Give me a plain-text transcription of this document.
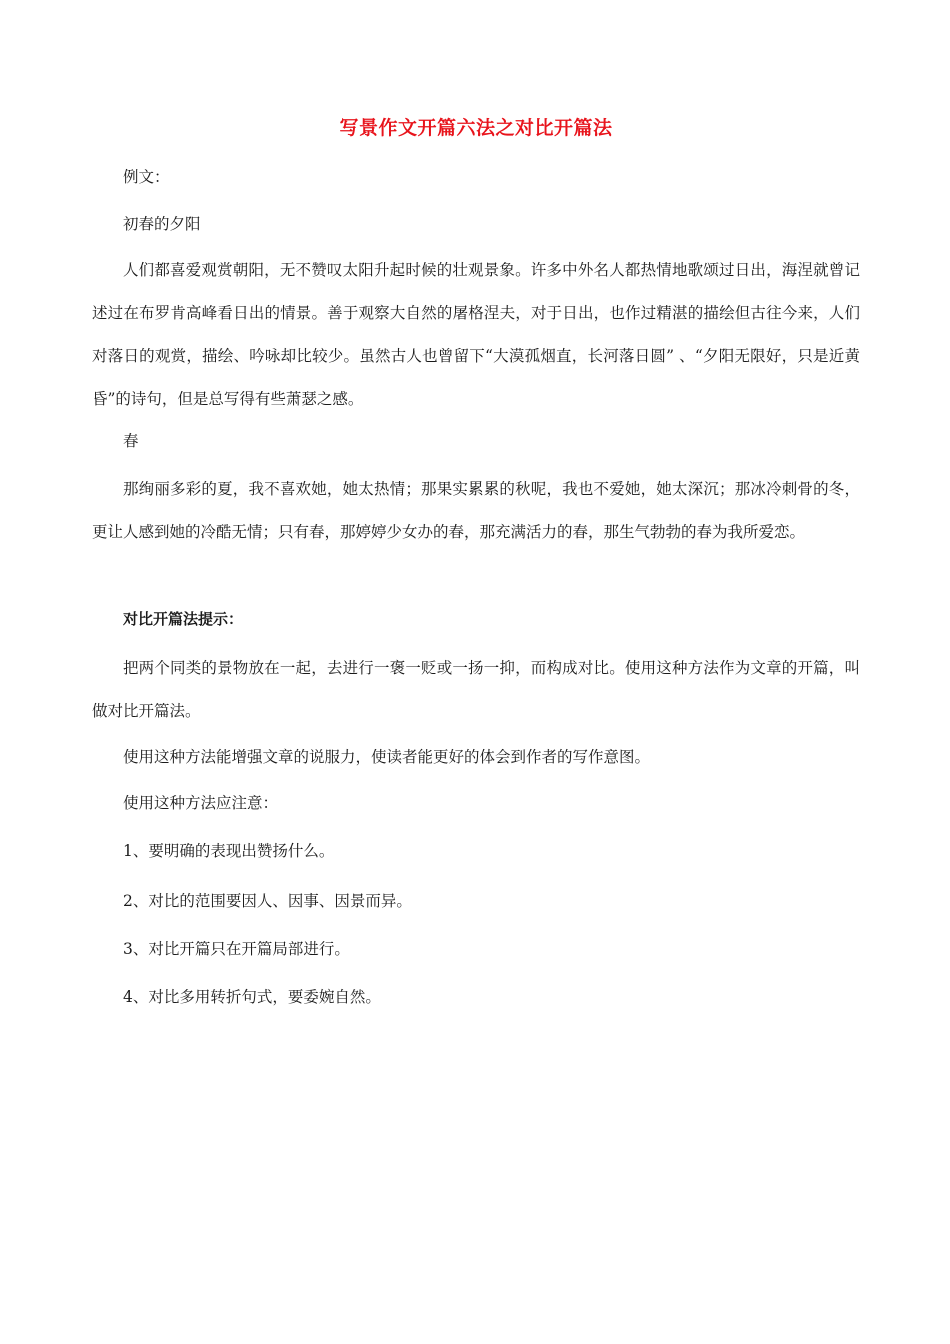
写景作文开篇六法之对比开篇法

例文：

初春的夕阳

人们都喜爱观赏朝阳，无不赞叹太阳升起时候的壮观景象。许多中外名人都热情地歌颂过日出，海涅就曾记述过在布罗肯高峰看日出的情景。善于观察大自然的屠格涅夫，对于日出，也作过精湛的描绘但古往今来，人们对落日的观赏，描绘、吟咏却比较少。虽然古人也曾留下“大漠孤烟直，长河落日圆” 、“夕阳无限好，只是近黄昏”的诗句，但是总写得有些萧瑟之感。

春

那绚丽多彩的夏，我不喜欢她，她太热情；那果实累累的秋呢，我也不爱她，她太深沉；那冰冷刺骨的冬，更让人感到她的冷酷无情；只有春，那婷婷少女办的春，那充满活力的春，那生气勃勃的春为我所爱恋。

对比开篇法提示：

把两个同类的景物放在一起，去进行一褒一贬或一扬一抑，而构成对比。使用这种方法作为文章的开篇，叫做对比开篇法。

使用这种方法能增强文章的说服力，使读者能更好的体会到作者的写作意图。

使用这种方法应注意：

1、要明确的表现出赞扬什么。

2、对比的范围要因人、因事、因景而异。

3、对比开篇只在开篇局部进行。

4、对比多用转折句式，要委婉自然。
